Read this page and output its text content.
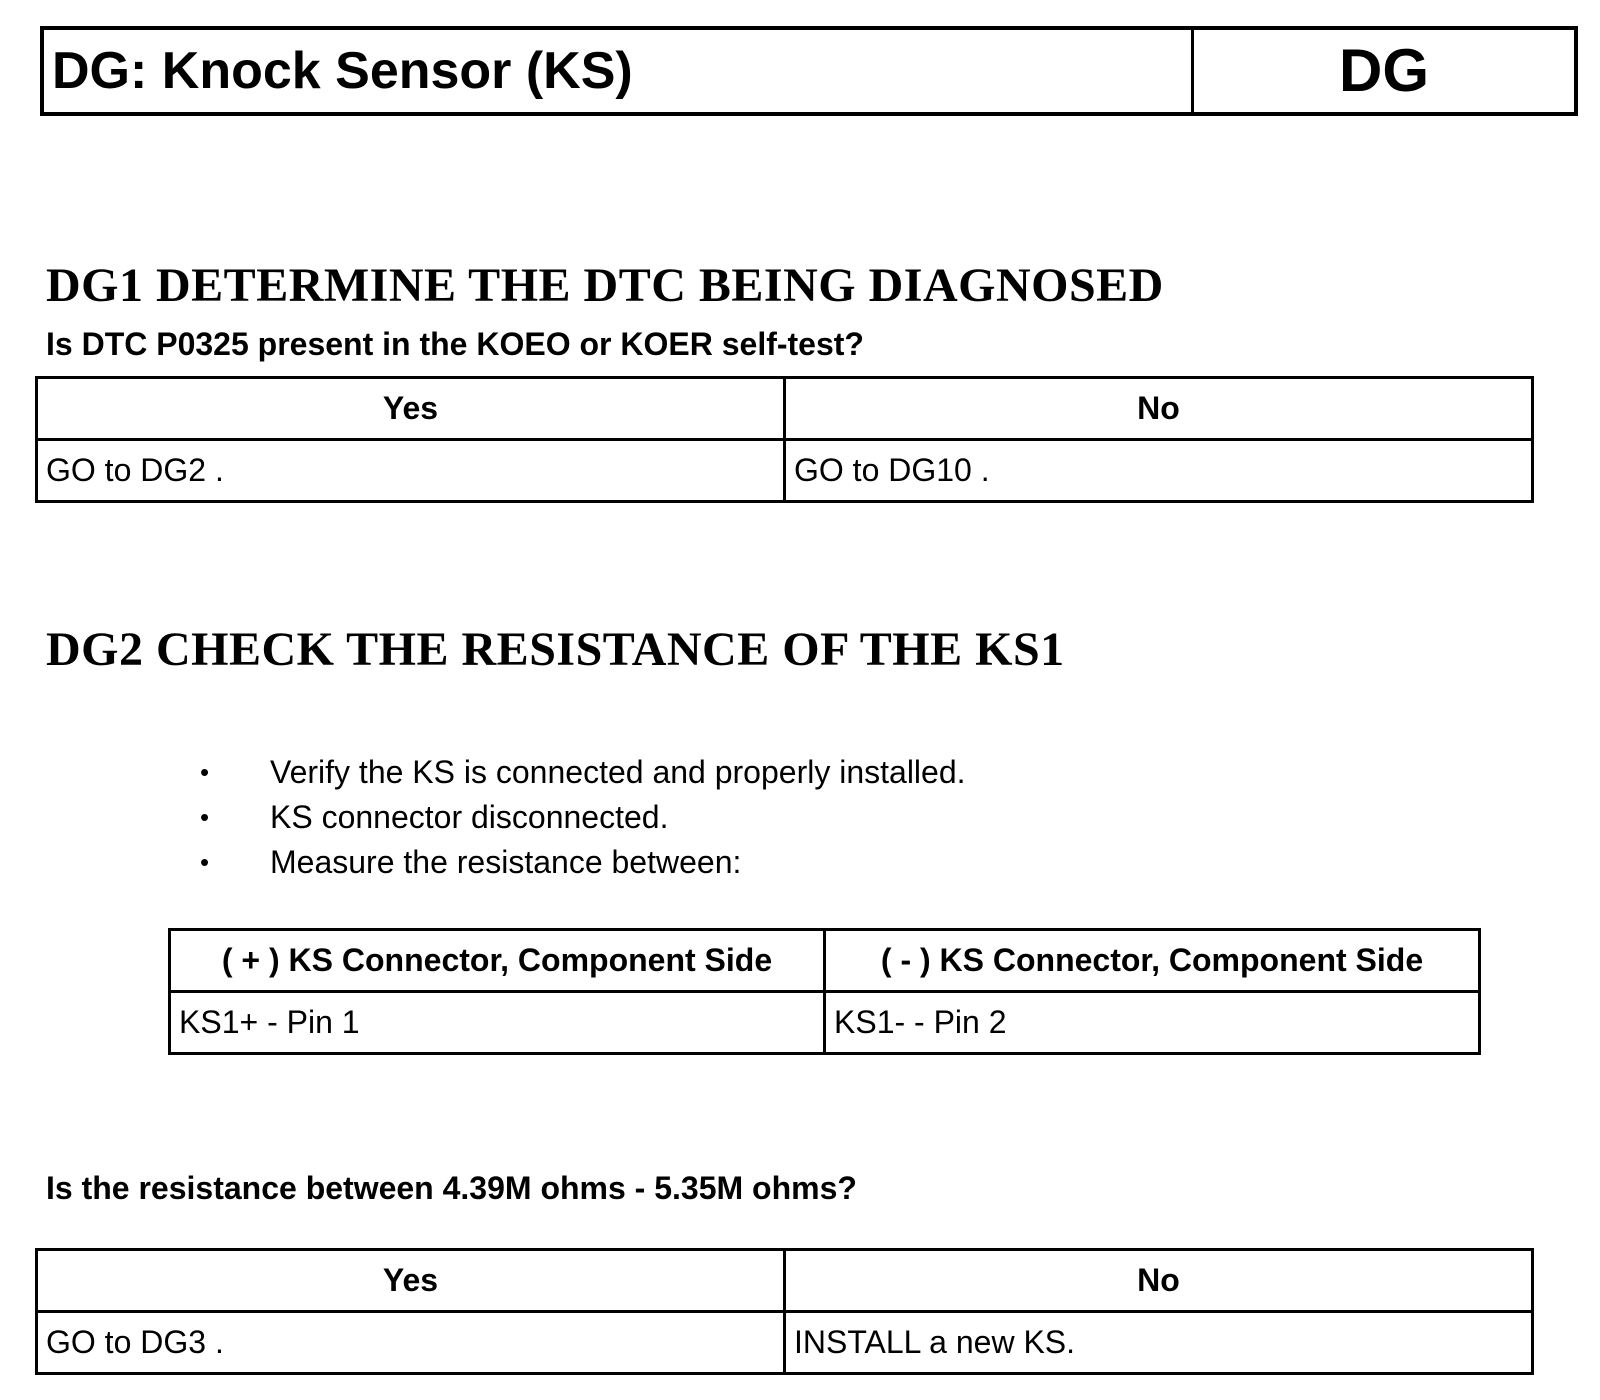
DG: Knock Sensor (KS)	DG
DG1 DETERMINE THE DTC BEING DIAGNOSED

Is DTC P0325 present in the KOEO or KOER self-test?

Yes	No
GO to DG2 .	GO to DG10 .
DG2 CHECK THE RESISTANCE OF THE KS1
•	Verify the KS is connected and properly installed.
•	KS connector disconnected.
•	Measure the resistance between:
( + ) KS Connector, Component Side	( - ) KS Connector, Component Side
KS1+ - Pin 1	KS1- - Pin 2

Is the resistance between 4.39M ohms - 5.35M ohms?

Yes	No
GO to DG3 .	INSTALL a new KS.
